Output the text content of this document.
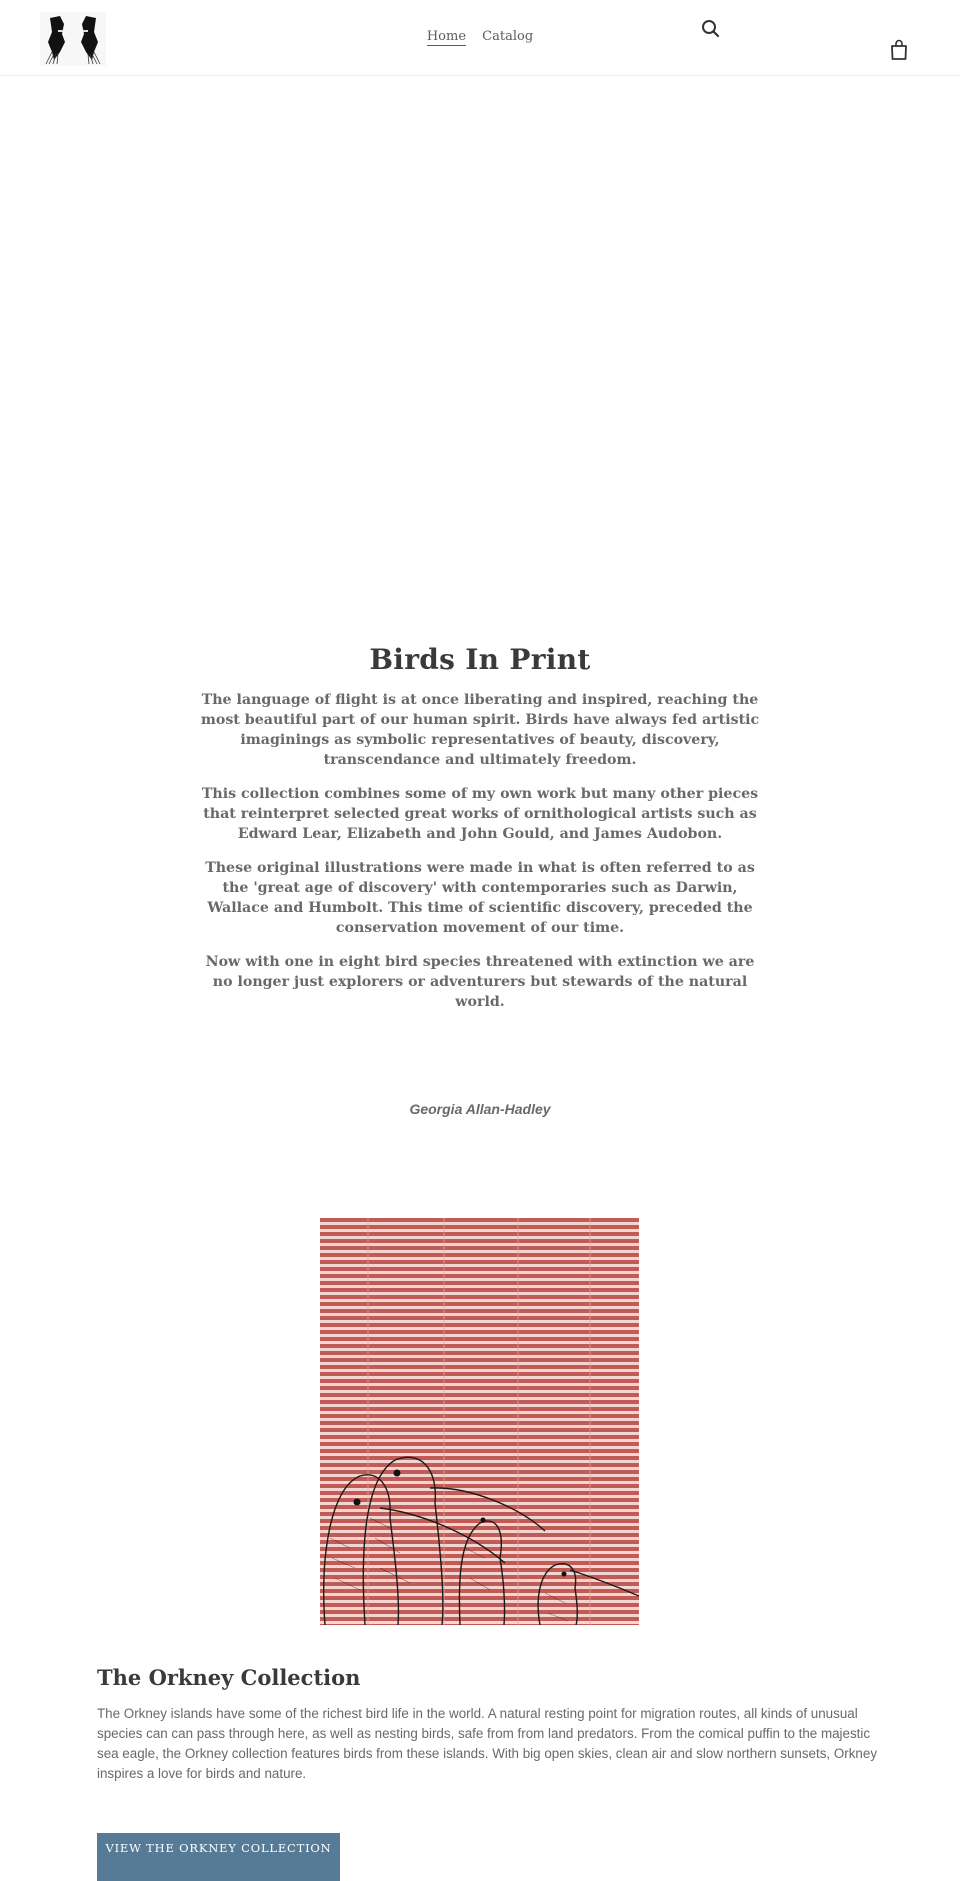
Home Catalog
Birds In Print

The language of flight is at once liberating and inspired, reaching the most beautiful part of our human spirit. Birds have always fed artistic imaginings as symbolic representatives of beauty, discovery, transcendance and ultimately freedom.

This collection combines some of my own work but many other pieces that reinterpret selected great works of ornithological artists such as Edward Lear, Elizabeth and John Gould, and James Audobon.

These original illustrations were made in what is often referred to as the 'great age of discovery' with contemporaries such as Darwin, Wallace and Humbolt. This time of scientific discovery, preceded the conservation movement of our time.

Now with one in eight bird species threatened with extinction we are no longer just explorers or adventurers but stewards of the natural world.

Georgia Allan-Hadley
The Orkney Collection

The Orkney islands have some of the richest bird life in the world. A natural resting point for migration routes, all kinds of unusual species can can pass through here, as well as nesting birds, safe from from land predators. From the comical puffin to the majestic sea eagle, the Orkney collection features birds from these islands. With big open skies, clean air and slow northern sunsets, Orkney inspires a love for birds and nature.

VIEW THE ORKNEY COLLECTION
